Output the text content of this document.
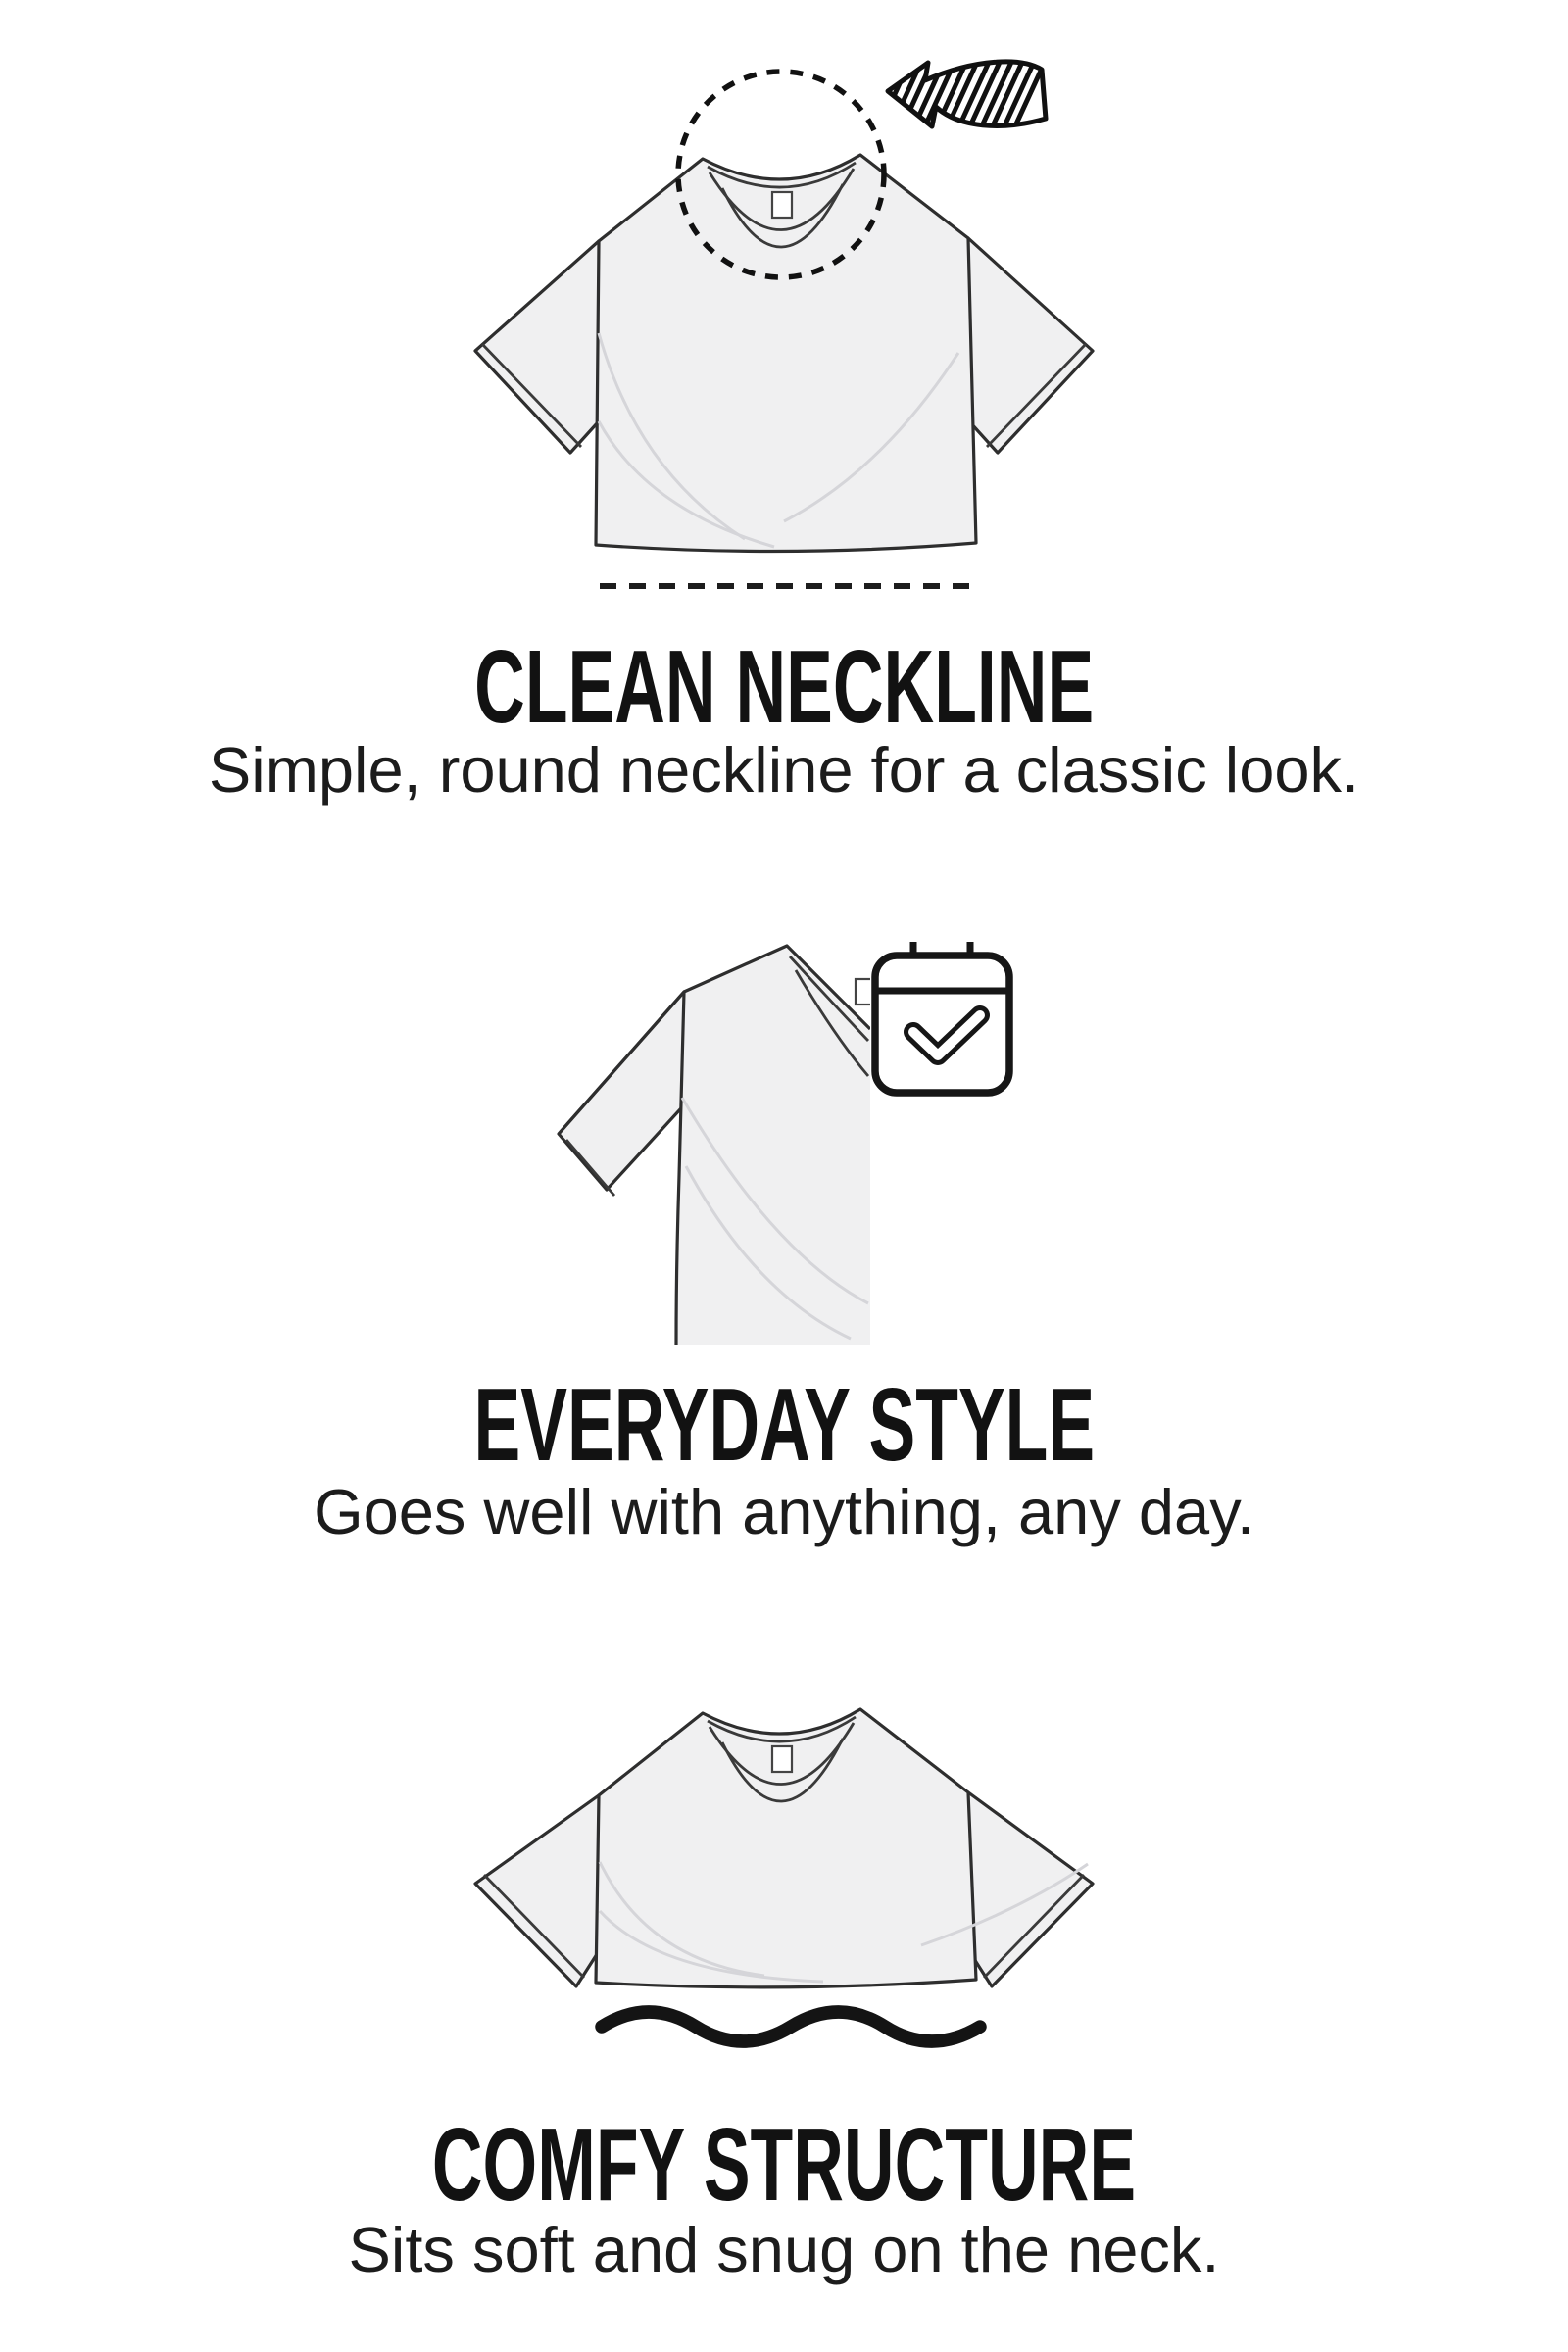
CLEAN NECKLINE
Simple, round neckline for a classic look.
EVERYDAY STYLE
Goes well with anything, any day.
COMFY STRUCTURE
Sits soft and snug on the neck.
